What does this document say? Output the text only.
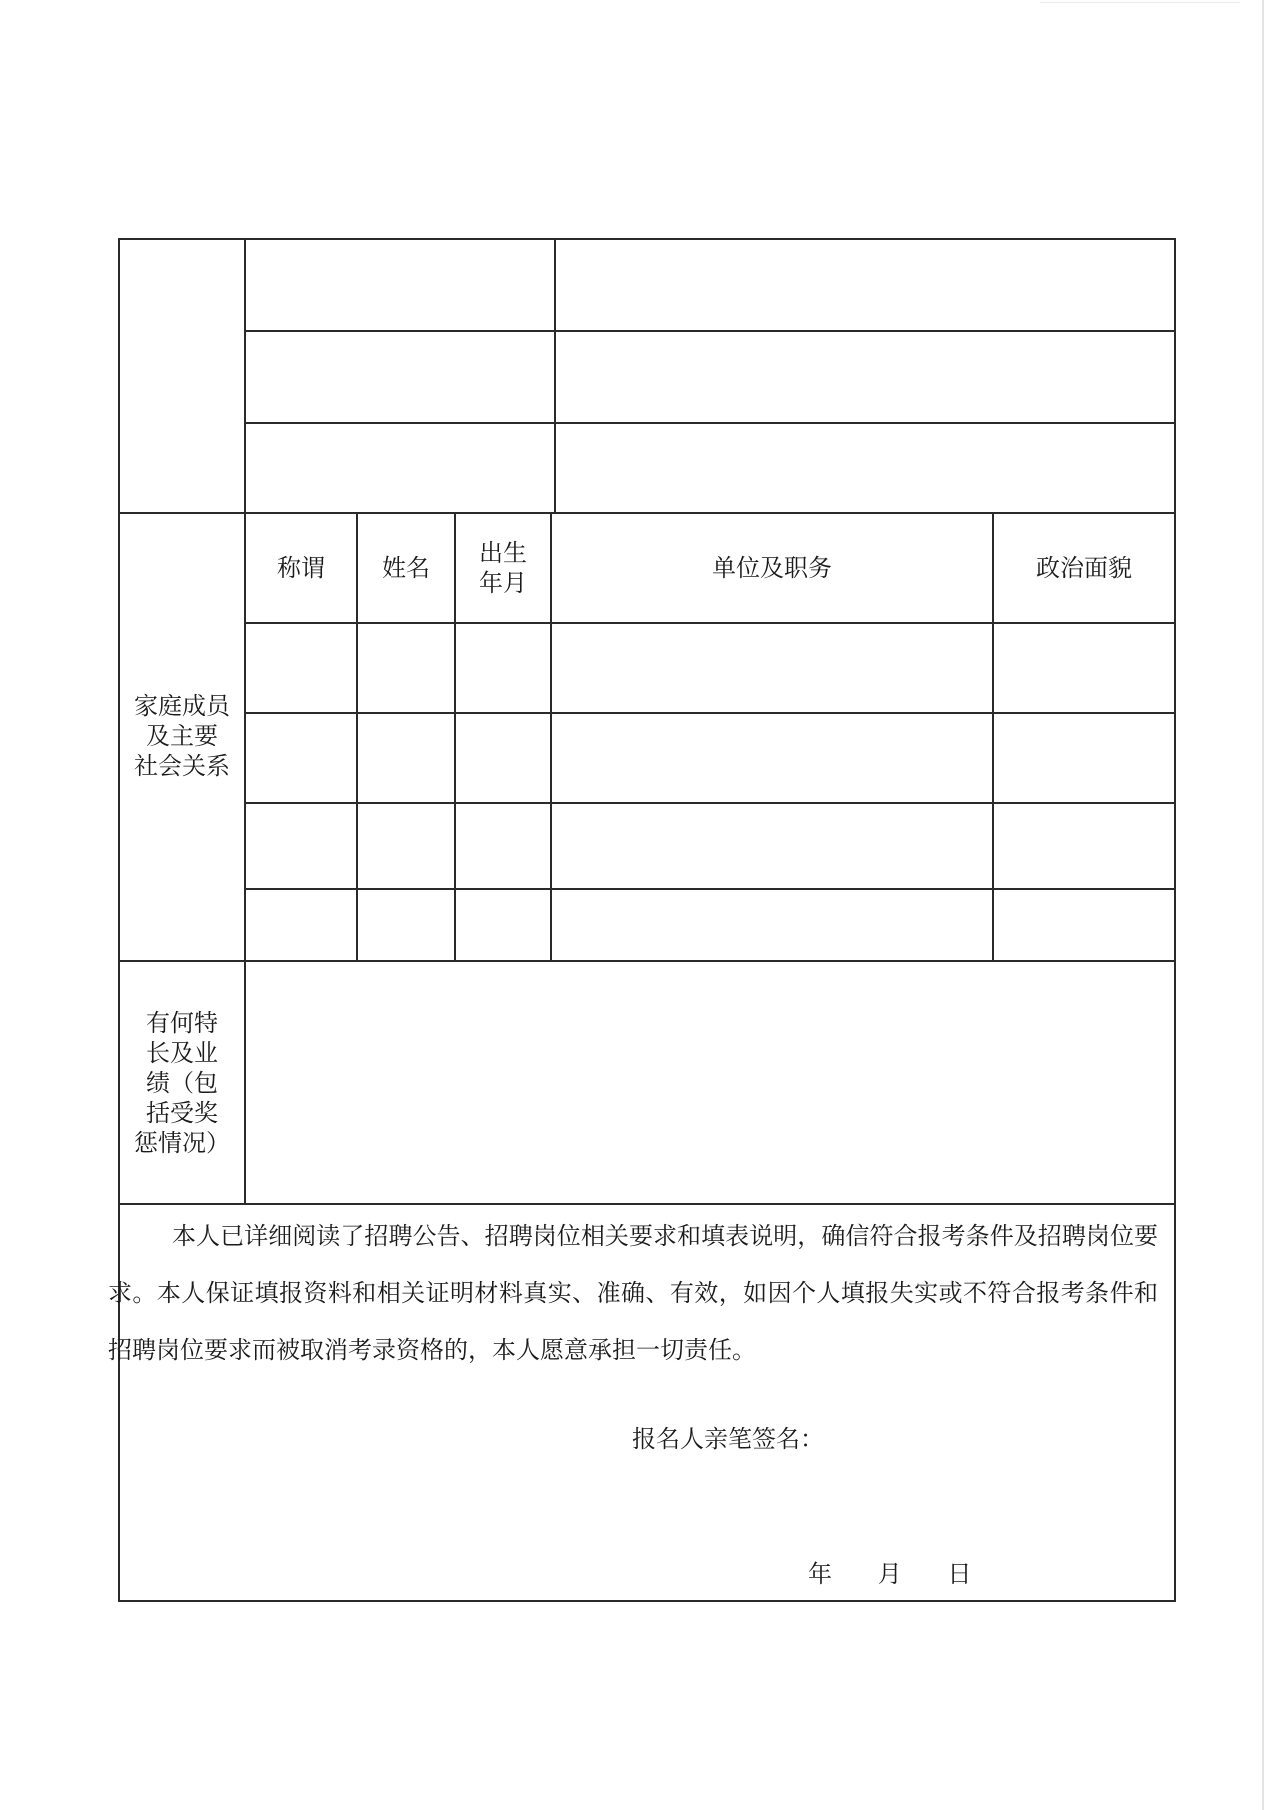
家庭成员
及主要
社会关系
称谓	姓名
出生
年月
单位及职务	政治面貌
有何特
长及业
绩（包
括受奖
惩情况）

本人已详细阅读了招聘公告、招聘岗位相关要求和填表说明，确信符合报考条件及招聘岗位要求。本人保证填报资料和相关证明材料真实、准确、有效，如因个人填报失实或不符合报考条件和招聘岗位要求而被取消考录资格的，本人愿意承担一切责任。

报名人亲笔签名：
年      月      日
